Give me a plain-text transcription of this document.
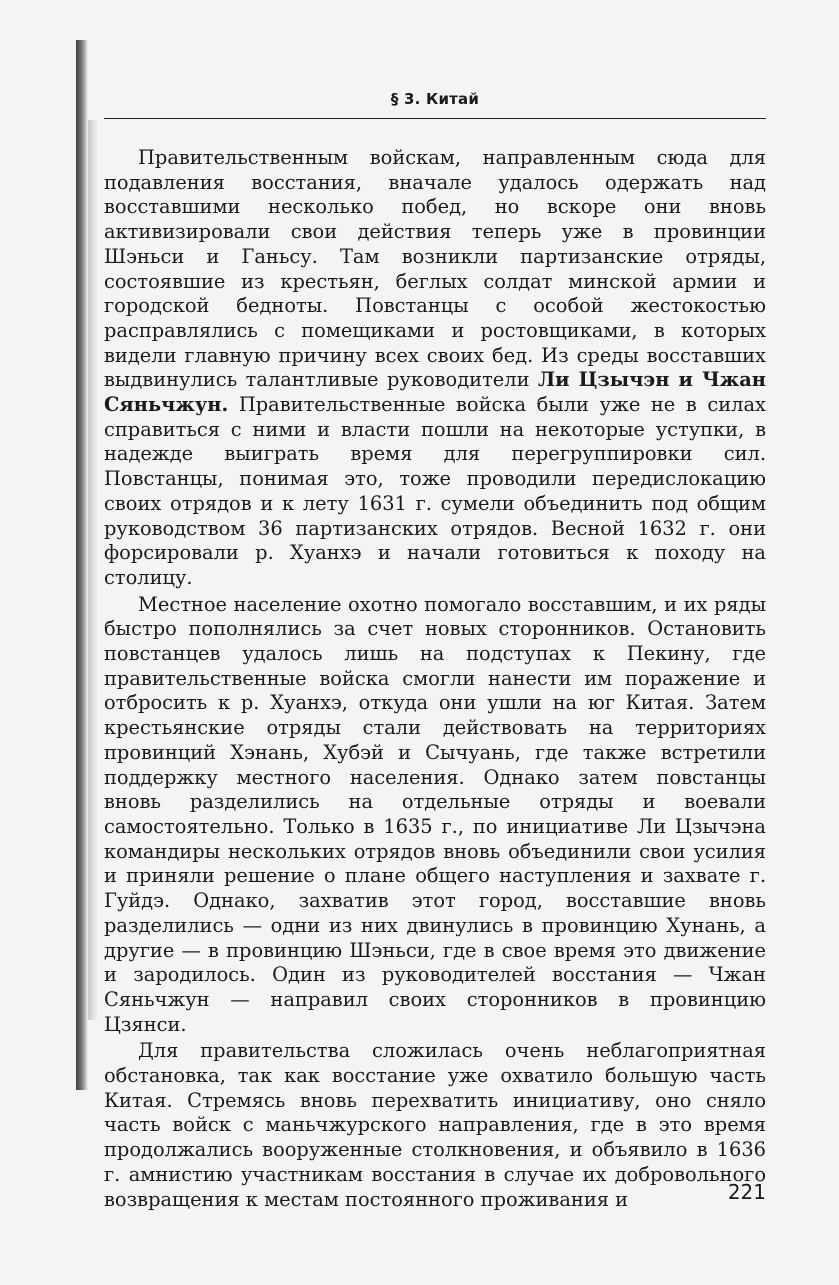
§ 3. Китай

Правительственным войскам, направленным сюда для подавления восстания, вначале удалось одержать над восставшими несколько побед, но вскоре они вновь активизировали свои действия теперь уже в провинции Шэньси и Ганьсу. Там возникли партизанские отряды, состоявшие из крестьян, беглых солдат минской армии и городской бедноты. Повстанцы с особой жестокостью расправлялись с помещиками и ростовщиками, в которых видели главную причину всех своих бед. Из среды восставших выдвинулись талантливые руководители Ли Цзычэн и Чжан Сяньчжун. Правительственные войска были уже не в силах справиться с ними и власти пошли на некоторые уступки, в надежде выиграть время для перегруппировки сил. Повстанцы, понимая это, тоже проводили передислокацию своих отрядов и к лету 1631 г. сумели объединить под общим руководством 36 партизанских отрядов. Весной 1632 г. они форсировали р. Хуанхэ и начали готовиться к походу на столицу.

Местное население охотно помогало восставшим, и их ряды быстро пополнялись за счет новых сторонников. Остановить повстанцев удалось лишь на подступах к Пекину, где правительственные войска смогли нанести им поражение и отбросить к р. Хуанхэ, откуда они ушли на юг Китая. Затем крестьянские отряды стали действовать на территориях провинций Хэнань, Хубэй и Сычуань, где также встретили поддержку местного населения. Однако затем повстанцы вновь разделились на отдельные отряды и воевали самостоятельно. Только в 1635 г., по инициативе Ли Цзычэна командиры нескольких отрядов вновь объединили свои усилия и приняли решение о плане общего наступления и захвате г. Гуйдэ. Однако, захватив этот город, восставшие вновь разделились — одни из них двинулись в провинцию Хунань, а другие — в провинцию Шэньси, где в свое время это движение и зародилось. Один из руководителей восстания — Чжан Сяньчжун — направил своих сторонников в провинцию Цзянси.

Для правительства сложилась очень неблагоприятная обстановка, так как восстание уже охватило большую часть Китая. Стремясь вновь перехватить инициативу, оно сняло часть войск с маньчжурского направления, где в это время продолжались вооруженные столкновения, и объявило в 1636 г. амнистию участникам восстания в случае их добровольного возвращения к местам постоянного проживания и	221
